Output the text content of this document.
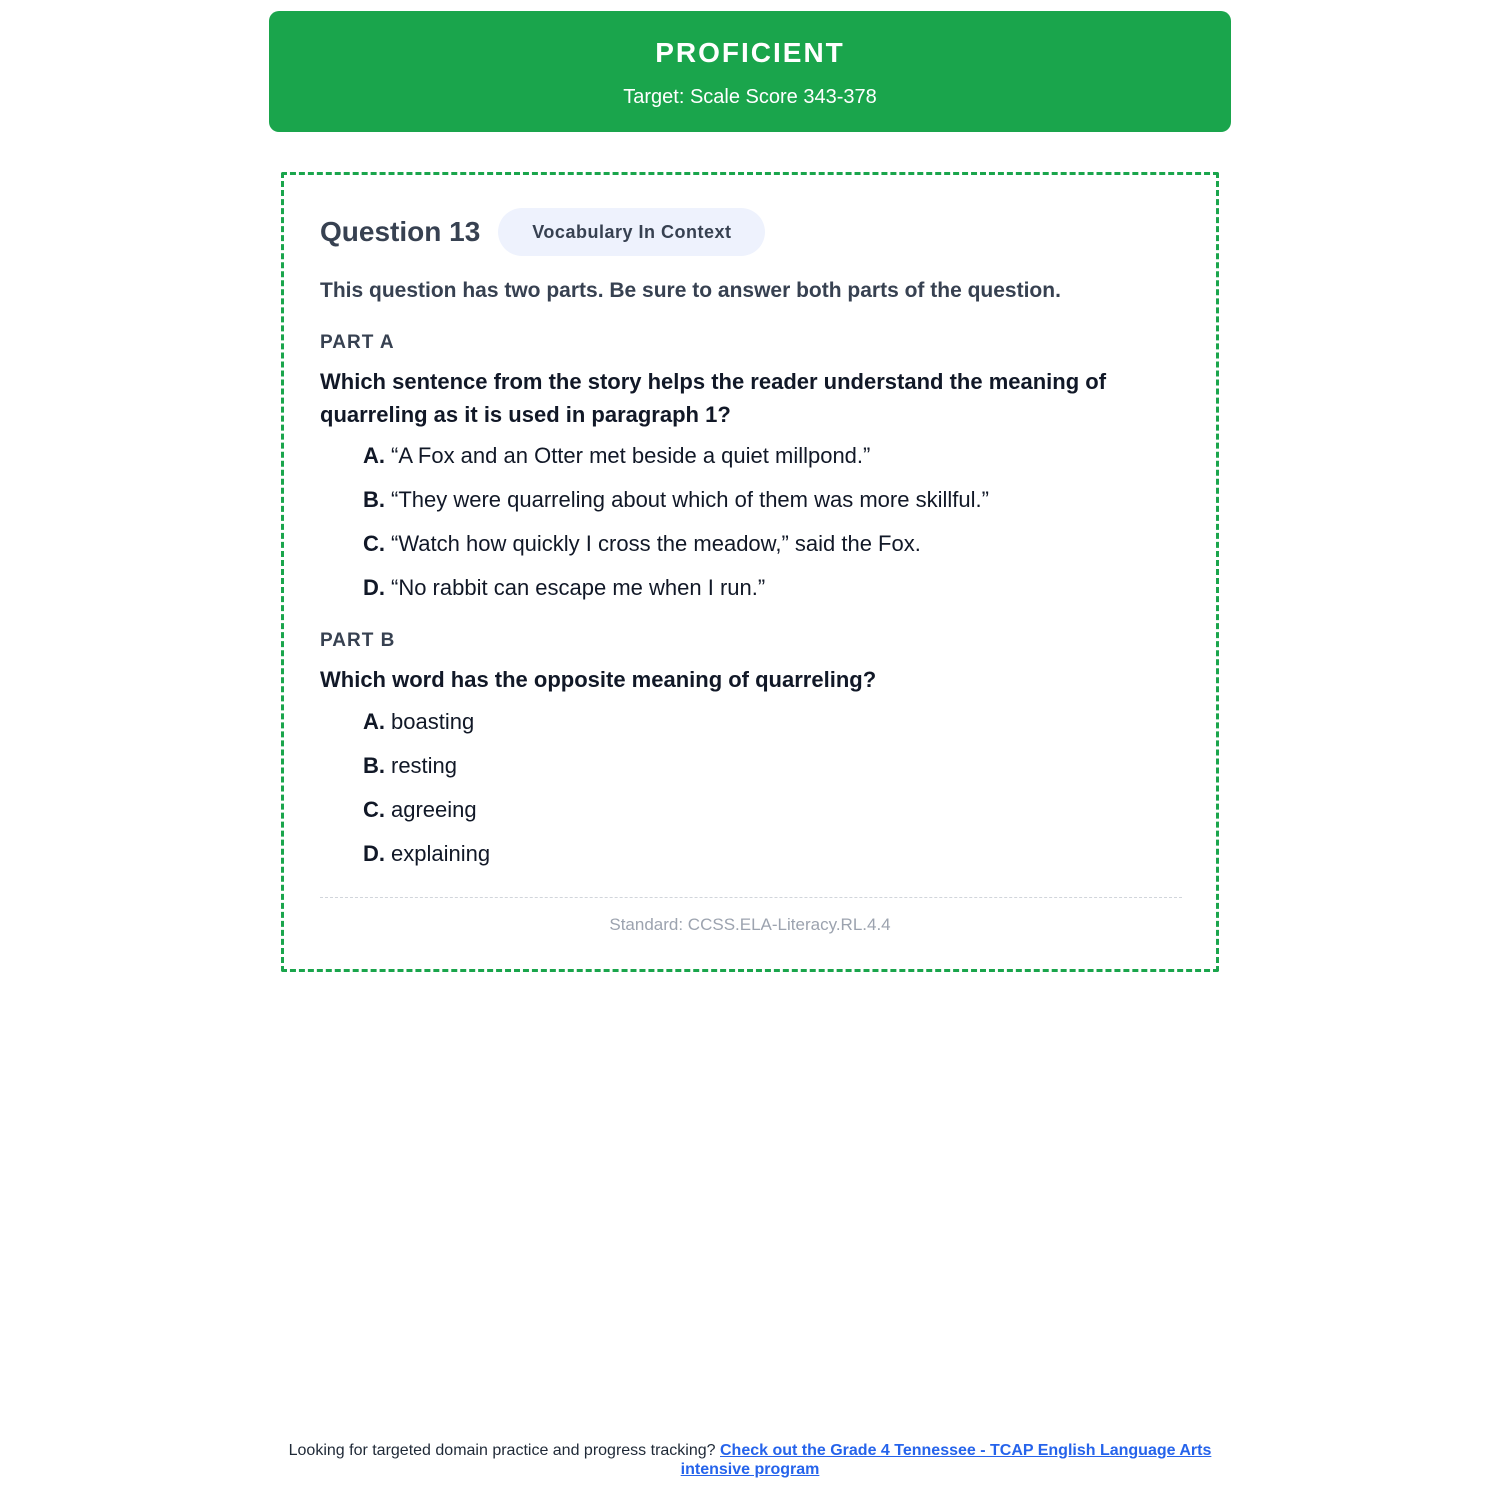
PROFICIENT
Target: Scale Score 343-378
Question 13	Vocabulary In Context
This question has two parts. Be sure to answer both parts of the question.
PART A
Which sentence from the story helps the reader understand the meaning of quarreling as it is used in paragraph 1?
A. “A Fox and an Otter met beside a quiet millpond.”
B. “They were quarreling about which of them was more skillful.”
C. “Watch how quickly I cross the meadow,” said the Fox.
D. “No rabbit can escape me when I run.”
PART B
Which word has the opposite meaning of quarreling?
A. boasting
B. resting
C. agreeing
D. explaining
Standard: CCSS.ELA-Literacy.RL.4.4
Looking for targeted domain practice and progress tracking? Check out the Grade 4 Tennessee - TCAP English Language Arts intensive program
